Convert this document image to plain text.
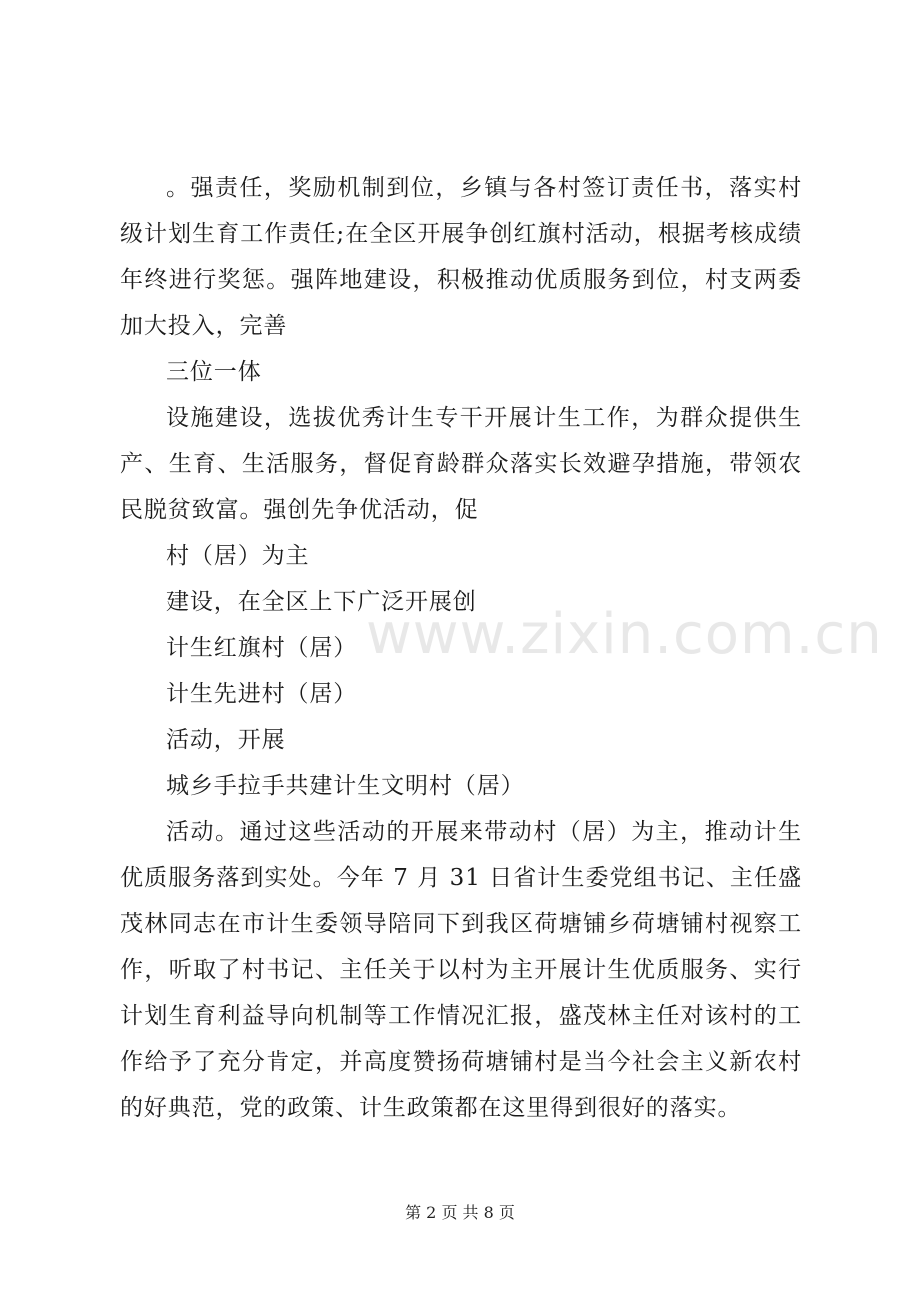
。强责任，奖励机制到位，乡镇与各村签订责任书，落实村级计划生育工作责任;在全区开展争创红旗村活动，根据考核成绩年终进行奖惩。强阵地建设，积极推动优质服务到位，村支两委加大投入，完善

三位一体

设施建设，选拔优秀计生专干开展计生工作，为群众提供生产、生育、生活服务，督促育龄群众落实长效避孕措施，带领农民脱贫致富。强创先争优活动，促

村（居）为主

建设，在全区上下广泛开展创

计生红旗村（居）

计生先进村（居）

活动，开展

城乡手拉手共建计生文明村（居）

活动。通过这些活动的开展来带动村（居）为主，推动计生优质服务落到实处。今年 7 月 31 日省计生委党组书记、主任盛茂林同志在市计生委领导陪同下到我区荷塘铺乡荷塘铺村视察工作，听取了村书记、主任关于以村为主开展计生优质服务、实行计划生育利益导向机制等工作情况汇报，盛茂林主任对该村的工作给予了充分肯定，并高度赞扬荷塘铺村是当今社会主义新农村的好典范，党的政策、计生政策都在这里得到很好的落实。

www.zixin.com.cn
第 2 页 共 8 页
